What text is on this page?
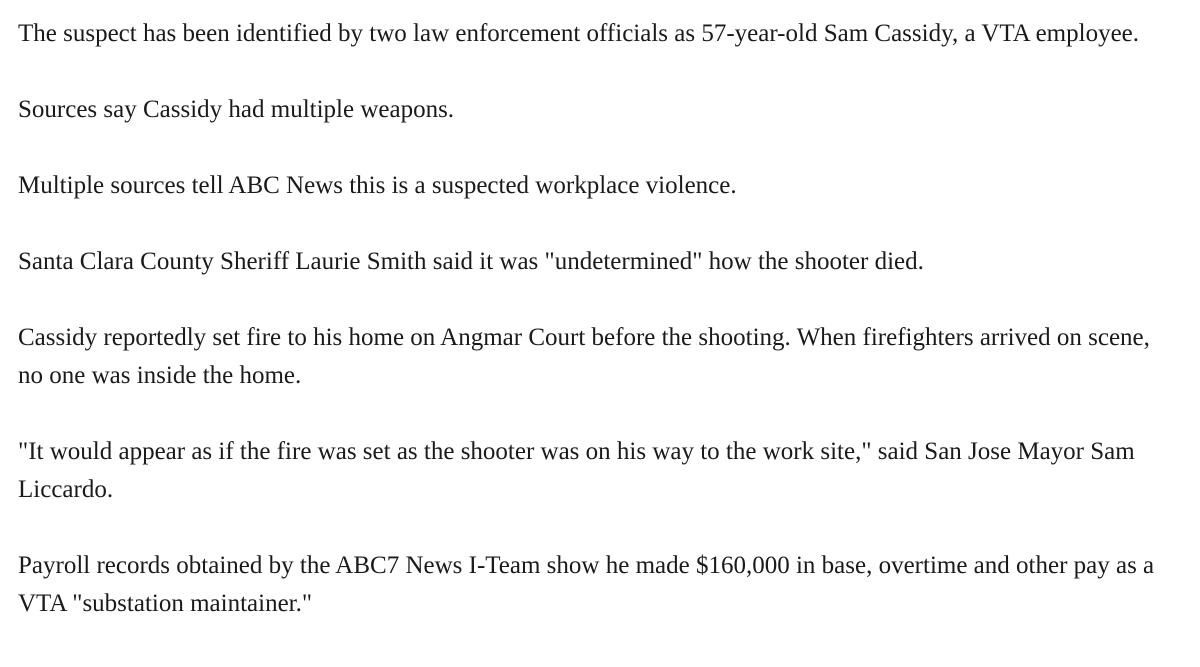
The suspect has been identified by two law enforcement officials as 57-year-old Sam Cassidy, a VTA employee.

Sources say Cassidy had multiple weapons.

Multiple sources tell ABC News this is a suspected workplace violence.

Santa Clara County Sheriff Laurie Smith said it was "undetermined" how the shooter died.

Cassidy reportedly set fire to his home on Angmar Court before the shooting. When firefighters arrived on scene, no one was inside the home.

"It would appear as if the fire was set as the shooter was on his way to the work site," said San Jose Mayor Sam Liccardo.

Payroll records obtained by the ABC7 News I-Team show he made $160,000 in base, overtime and other pay as a VTA "substation maintainer."
